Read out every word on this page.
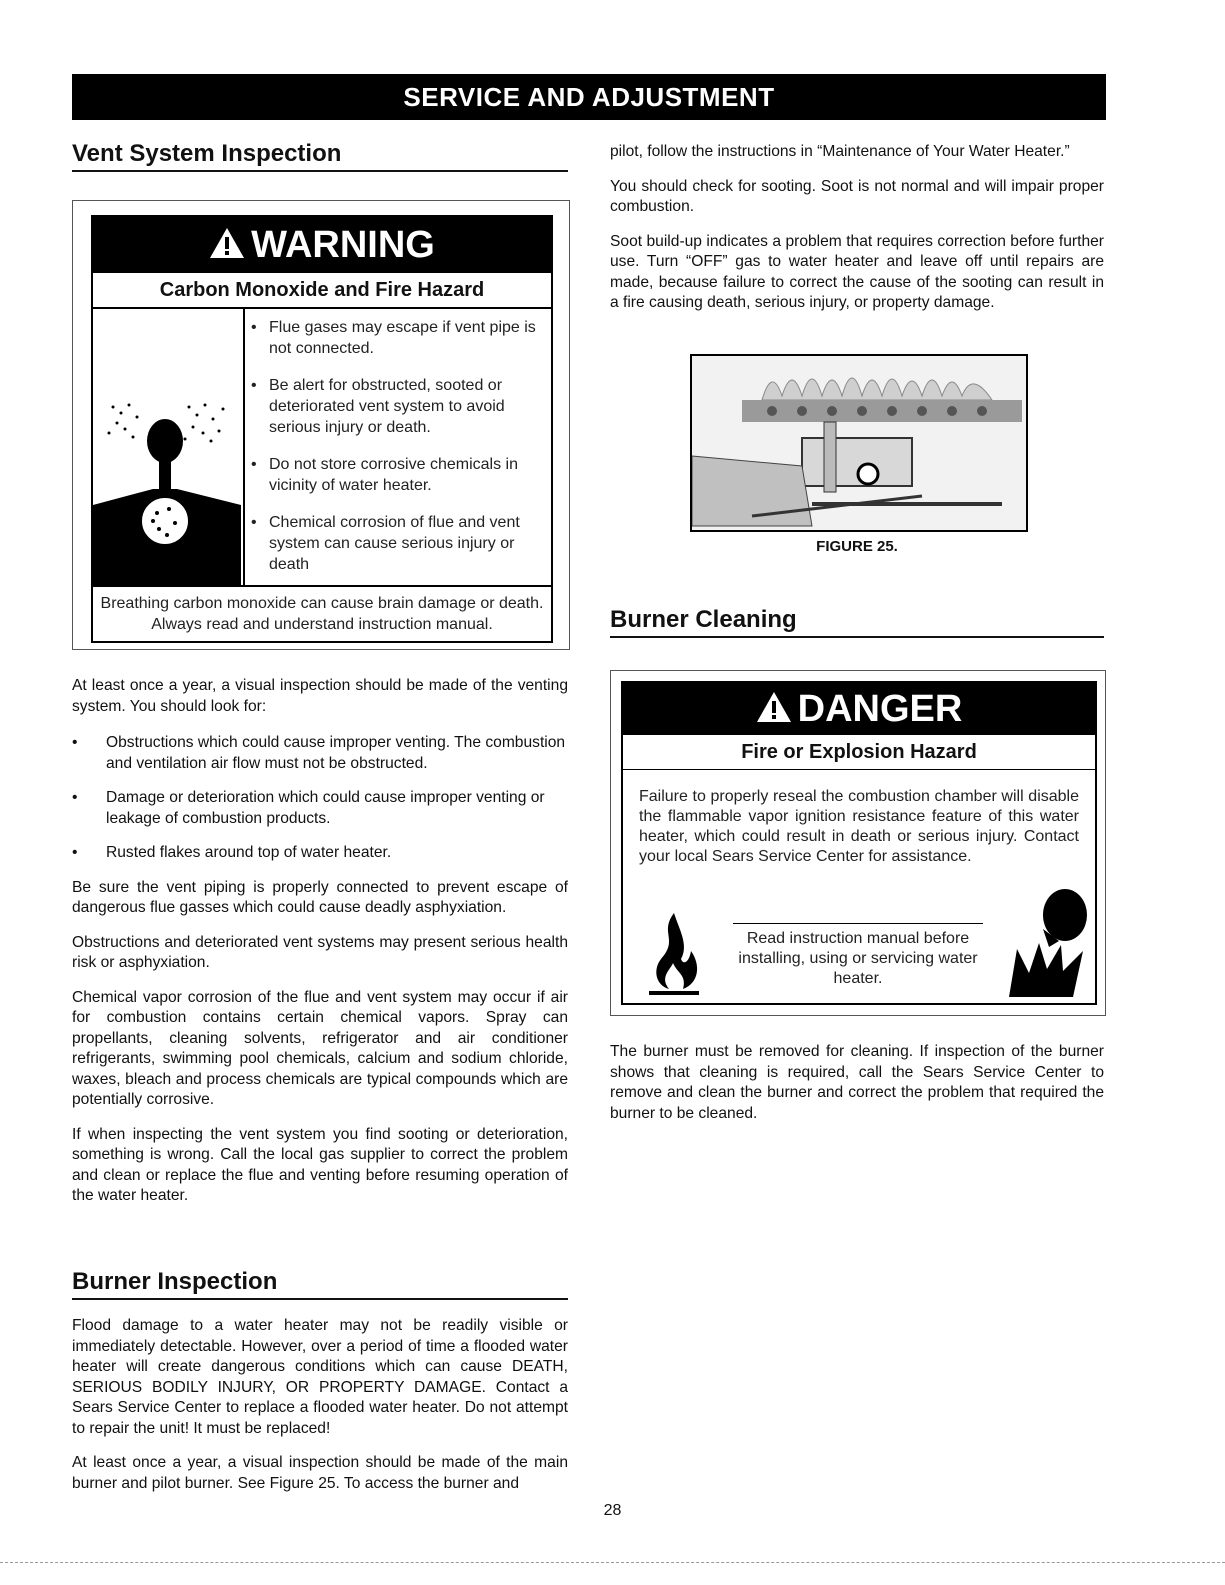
SERVICE AND ADJUSTMENT
Vent System Inspection
WARNING
Carbon Monoxide and Fire Hazard
• Flue gases may escape if vent pipe is not connected.
• Be alert for obstructed, sooted or deteriorated vent system to avoid serious injury or death.
• Do not store corrosive chemicals in vicinity of water heater.
• Chemical corrosion of flue and vent system can cause serious injury or death
Breathing carbon monoxide can cause brain damage or death. Always read and understand instruction manual.

At least once a year, a visual inspection should be made of the venting system. You should look for:

•	Obstructions which could cause improper venting. The combustion and ventilation air flow must not be obstructed.
•	Damage or deterioration which could cause improper venting or leakage of combustion products.
•	Rusted flakes around top of water heater.

Be sure the vent piping is properly connected to prevent escape of dangerous flue gasses which could cause deadly asphyxiation.

Obstructions and deteriorated vent systems may present serious health risk or asphyxiation.

Chemical vapor corrosion of the flue and vent system may occur if air for combustion contains certain chemical vapors. Spray can propellants, cleaning solvents, refrigerator and air conditioner refrigerants, swimming pool chemicals, calcium and sodium chloride, waxes, bleach and process chemicals are typical compounds which are potentially corrosive.

If when inspecting the vent system you find sooting or deterioration, something is wrong. Call the local gas supplier to correct the problem and clean or replace the flue and venting before resuming operation of the water heater.

Burner Inspection

Flood damage to a water heater may not be readily visible or immediately detectable. However, over a period of time a flooded water heater will create dangerous conditions which can cause DEATH, SERIOUS BODILY INJURY, OR PROPERTY DAMAGE. Contact a Sears Service Center to replace a flooded water heater. Do not attempt to repair the unit! It must be replaced!

At least once a year, a visual inspection should be made of the main burner and pilot burner. See Figure 25. To access the burner and

pilot, follow the instructions in “Maintenance of Your Water Heater.”

You should check for sooting. Soot is not normal and will impair proper combustion.

Soot build-up indicates a problem that requires correction before further use. Turn “OFF” gas to water heater and leave off until repairs are made, because failure to correct the cause of the sooting can result in a fire causing death, serious injury, or property damage.

FIGURE 25.
Burner Cleaning
DANGER
Fire or Explosion Hazard
Failure to properly reseal the combustion chamber will disable the flammable vapor ignition resistance feature of this water heater, which could result in death or serious injury. Contact your local Sears Service Center for assistance.
Read instruction manual before installing, using or servicing water heater.

The burner must be removed for cleaning. If inspection of the burner shows that cleaning is required, call the Sears Service Center to remove and clean the burner and correct the problem that required the burner to be cleaned.

28
